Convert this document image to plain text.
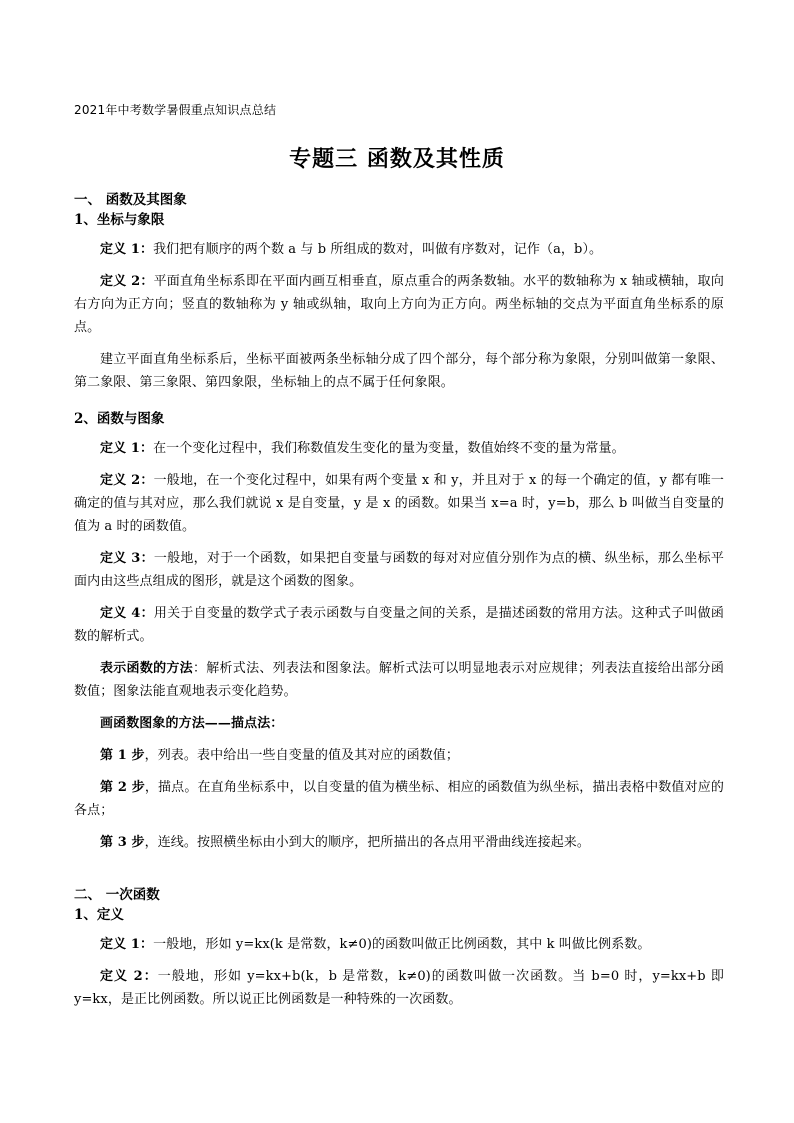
2021年中考数学暑假重点知识点总结
专题三 函数及其性质

一、 函数及其图象

1、坐标与象限

定义 1：我们把有顺序的两个数 a 与 b 所组成的数对，叫做有序数对，记作（a，b）。

定义 2：平面直角坐标系即在平面内画互相垂直，原点重合的两条数轴。水平的数轴称为 x 轴或横轴，取向右方向为正方向；竖直的数轴称为 y 轴或纵轴，取向上方向为正方向。两坐标轴的交点为平面直角坐标系的原点。

建立平面直角坐标系后，坐标平面被两条坐标轴分成了四个部分，每个部分称为象限，分别叫做第一象限、第二象限、第三象限、第四象限，坐标轴上的点不属于任何象限。

2、函数与图象

定义 1：在一个变化过程中，我们称数值发生变化的量为变量，数值始终不变的量为常量。

定义 2：一般地，在一个变化过程中，如果有两个变量 x 和 y，并且对于 x 的每一个确定的值，y 都有唯一确定的值与其对应，那么我们就说 x 是自变量，y 是 x 的函数。如果当 x=a 时，y=b，那么 b 叫做当自变量的值为 a 时的函数值。

定义 3：一般地，对于一个函数，如果把自变量与函数的每对对应值分别作为点的横、纵坐标，那么坐标平面内由这些点组成的图形，就是这个函数的图象。

定义 4：用关于自变量的数学式子表示函数与自变量之间的关系，是描述函数的常用方法。这种式子叫做函数的解析式。

表示函数的方法：解析式法、列表法和图象法。解析式法可以明显地表示对应规律；列表法直接给出部分函数值；图象法能直观地表示变化趋势。

画函数图象的方法——描点法：

第 1 步，列表。表中给出一些自变量的值及其对应的函数值；

第 2 步，描点。在直角坐标系中，以自变量的值为横坐标、相应的函数值为纵坐标，描出表格中数值对应的各点；

第 3 步，连线。按照横坐标由小到大的顺序，把所描出的各点用平滑曲线连接起来。

二、 一次函数

1、定义

定义 1：一般地，形如 y=kx(k 是常数，k≠0)的函数叫做正比例函数，其中 k 叫做比例系数。

定义 2：一般地，形如 y=kx+b(k，b 是常数，k≠0)的函数叫做一次函数。当 b=0 时，y=kx+b 即 y=kx，是正比例函数。所以说正比例函数是一种特殊的一次函数。
